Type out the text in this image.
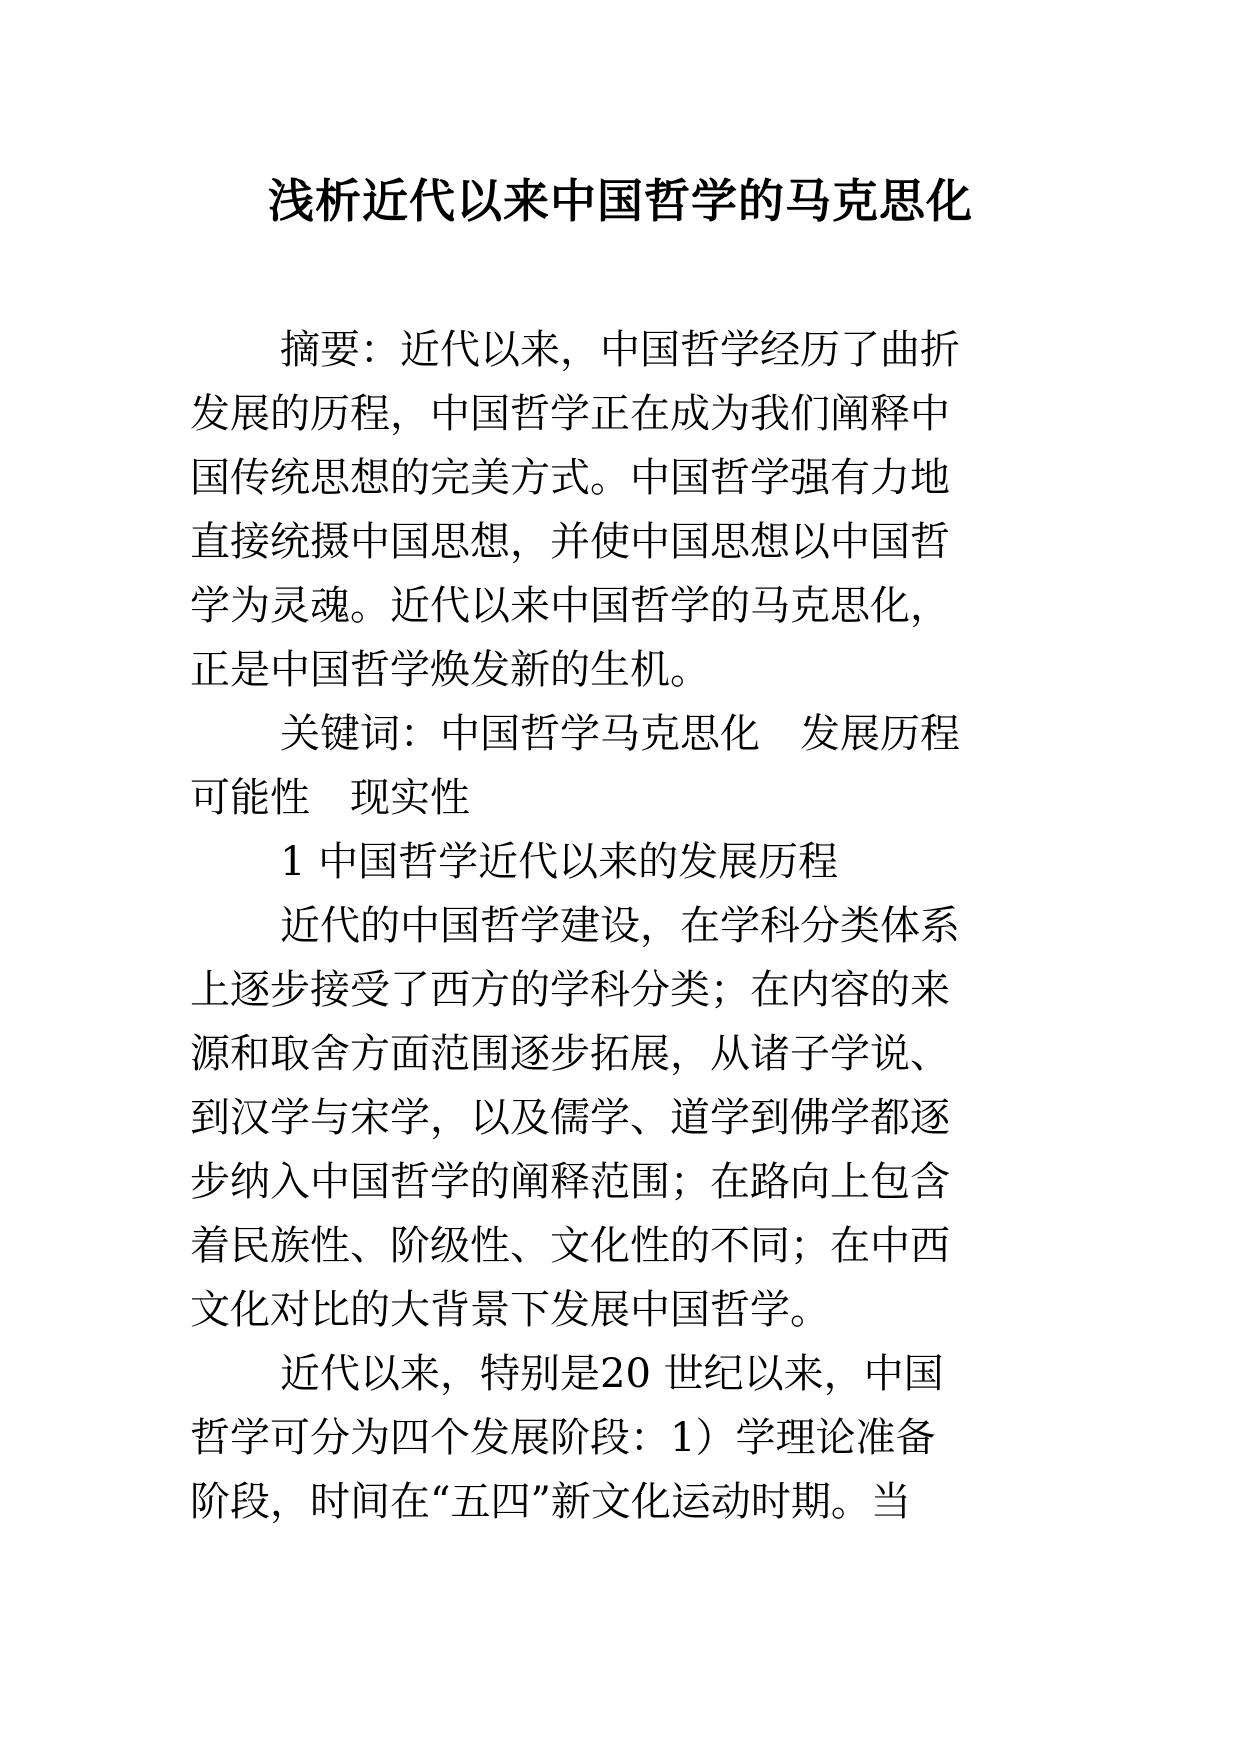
浅析近代以来中国哲学的马克思化
摘要：近代以来，中国哲学经历了曲折
发展的历程，中国哲学正在成为我们阐释中
国传统思想的完美方式。中国哲学强有力地
直接统摄中国思想，并使中国思想以中国哲
学为灵魂。近代以来中国哲学的马克思化，
正是中国哲学焕发新的生机。
关键词：中国哲学马克思化　发展历程
可能性　现实性
1 中国哲学近代以来的发展历程
近代的中国哲学建设，在学科分类体系
上逐步接受了西方的学科分类；在内容的来
源和取舍方面范围逐步拓展，从诸子学说、
到汉学与宋学，以及儒学、道学到佛学都逐
步纳入中国哲学的阐释范围；在路向上包含
着民族性、阶级性、文化性的不同；在中西
文化对比的大背景下发展中国哲学。
近代以来，特别是20 世纪以来，中国
哲学可分为四个发展阶段：1）学理论准备
阶段，时间在“五四”新文化运动时期。当
